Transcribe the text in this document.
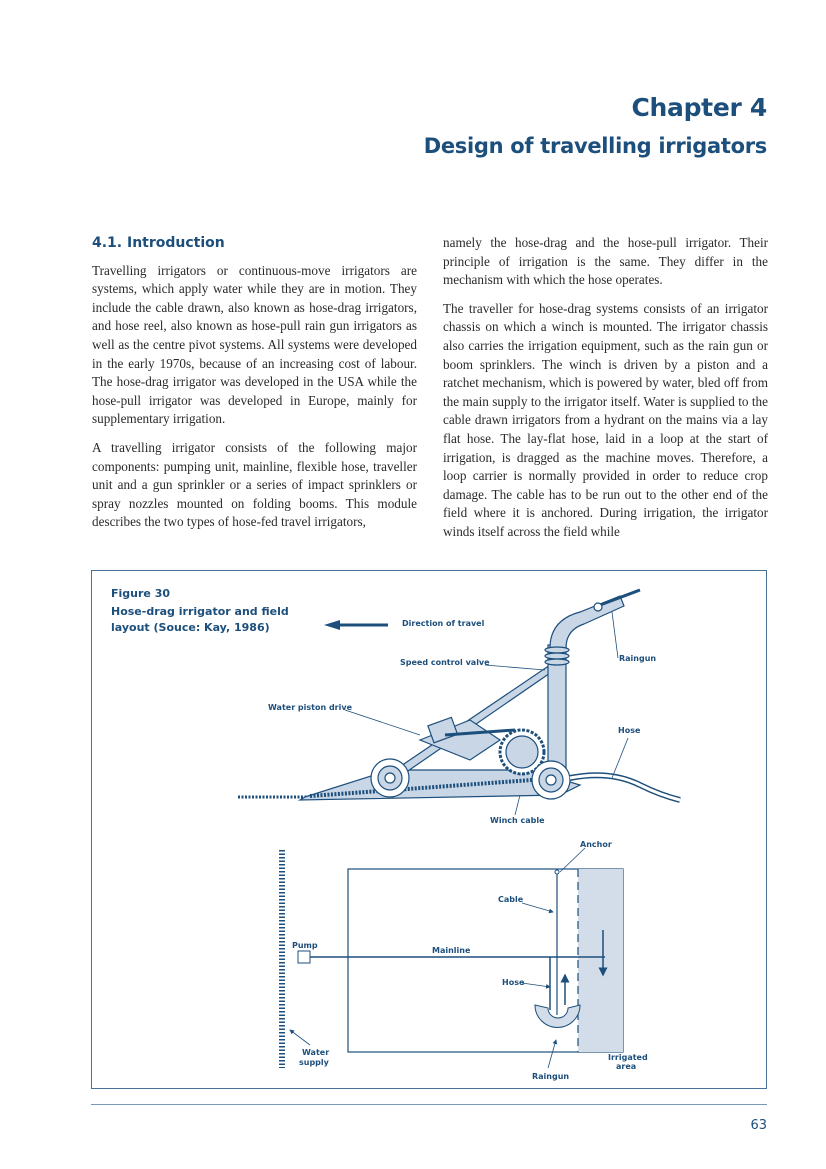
Chapter 4
Design of travelling irrigators
4.1. Introduction

Travelling irrigators or continuous-move irrigators are systems, which apply water while they are in motion. They include the cable drawn, also known as hose-drag irrigators, and hose reel, also known as hose-pull rain gun irrigators as well as the centre pivot systems. All systems were developed in the early 1970s, because of an increasing cost of labour. The hose-drag irrigator was developed in the USA while the hose-pull irrigator was developed in Europe, mainly for supplementary irrigation.

A travelling irrigator consists of the following major components: pumping unit, mainline, flexible hose, traveller unit and a gun sprinkler or a series of impact sprinklers or spray nozzles mounted on folding booms. This module describes the two types of hose-fed travel irrigators,

namely the hose-drag and the hose-pull irrigator. Their principle of irrigation is the same. They differ in the mechanism with which the hose operates.

The traveller for hose-drag systems consists of an irrigator chassis on which a winch is mounted. The irrigator chassis also carries the irrigation equipment, such as the rain gun or boom sprinklers. The winch is driven by a piston and a ratchet mechanism, which is powered by water, bled off from the main supply to the irrigator itself. Water is supplied to the cable drawn irrigators from a hydrant on the mains via a lay flat hose. The lay-flat hose, laid in a loop at the start of irrigation, is dragged as the machine moves. Therefore, a loop carrier is normally provided in order to reduce crop damage. The cable has to be run out to the other end of the field where it is anchored. During irrigation, the irrigator winds itself across the field while

Figure 30
Hose-drag irrigator and field layout (Souce: Kay, 1986)	Direction of travel
Speed control valve	Raingun
Water piston drive
Hose
Winch cable
Anchor
Cable
Pump
Mainline
Hose
Water
supply
Irrigated
area
Raingun
63
